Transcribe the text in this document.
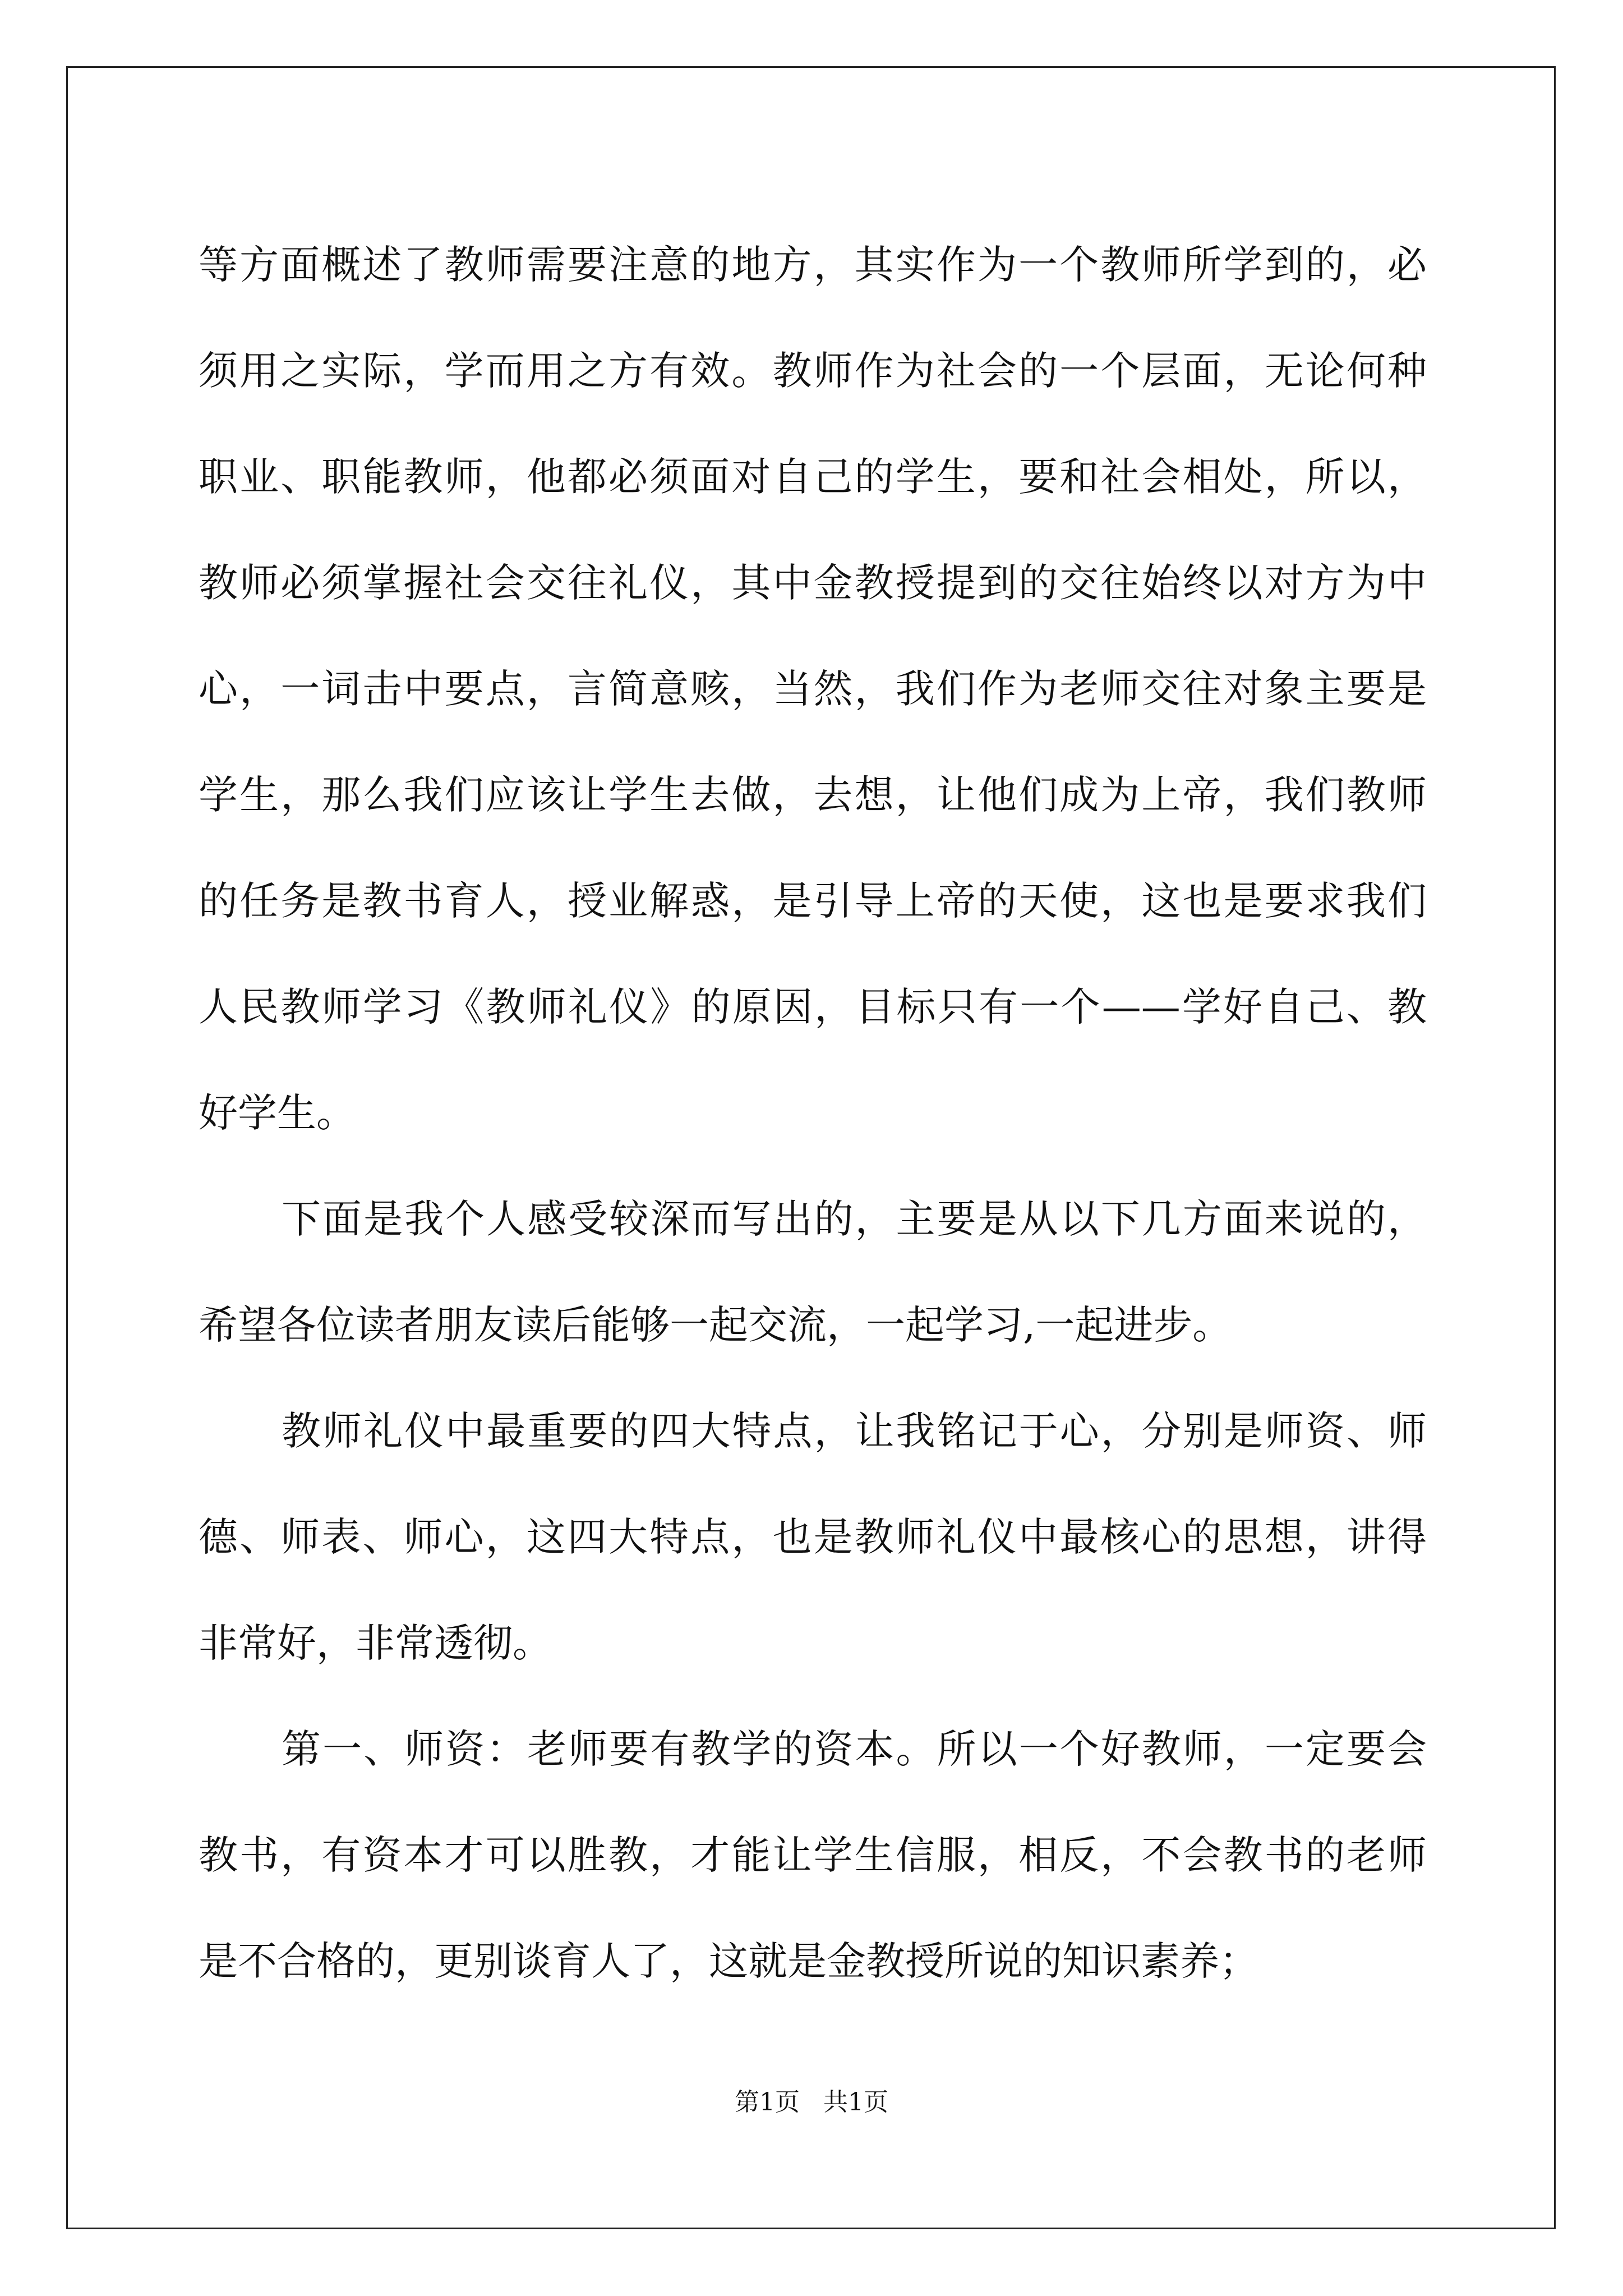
等方面概述了教师需要注意的地方，其实作为一个教师所学到的，必
须用之实际，学而用之方有效。教师作为社会的一个层面，无论何种
职业、职能教师，他都必须面对自己的学生，要和社会相处，所以，
教师必须掌握社会交往礼仪，其中金教授提到的交往始终以对方为中
心，一词击中要点，言简意赅，当然，我们作为老师交往对象主要是
学生，那么我们应该让学生去做，去想，让他们成为上帝，我们教师
的任务是教书育人，授业解惑，是引导上帝的天使，这也是要求我们
人民教师学习《教师礼仪》的原因，目标只有一个——学好自己、教
好学生。
下面是我个人感受较深而写出的，主要是从以下几方面来说的，
希望各位读者朋友读后能够一起交流，一起学习,一起进步。
教师礼仪中最重要的四大特点，让我铭记于心，分别是师资、师
德、师表、师心，这四大特点，也是教师礼仪中最核心的思想，讲得
非常好，非常透彻。
第一、师资：老师要有教学的资本。所以一个好教师，一定要会
教书，有资本才可以胜教，才能让学生信服，相反，不会教书的老师
是不合格的，更别谈育人了，这就是金教授所说的知识素养；
第1页   共1页
